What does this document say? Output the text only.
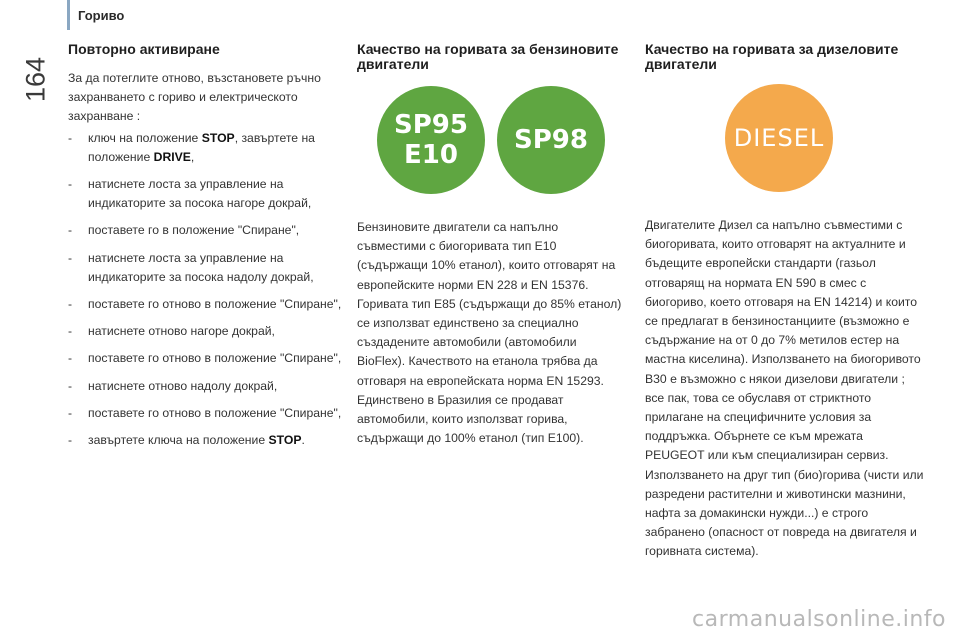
164
Гориво
Повторно активиране

За да потеглите отново, възстановете ръчно захранването с гориво и електрическото захранване :

- ключ на положение STOP, завъртете на положение DRIVE,
- натиснете лоста за управление на индикаторите за посока нагоре докрай,
- поставете го в положение "Спиране",
- натиснете лоста за управление на индикаторите за посока надолу докрай,
- поставете го отново в положение "Спиране",
- натиснете отново нагоре докрай,
- поставете го отново в положение "Спиране",
- натиснете отново надолу докрай,
- поставете го отново в положение "Спиране",
- завъртете ключа на положение STOP.
Качество на горивата за бензиновите двигатели
SP95
E10 SP98

Бензиновите двигатели са напълно съвместими с биогоривата тип E10 (съдържащи 10% етанол), които отговарят на европейските норми EN 228 и EN 15376. Горивата тип E85 (съдържащи до 85% етанол) се използват единствено за специално създадените автомобили (автомобили BioFlex). Качеството на етанола трябва да отговаря на европейската норма EN 15293. Единствено в Бразилия се продават автомобили, които използват горива, съдържащи до 100% етанол (тип E100).

Качество на горивата за дизеловите двигатели
DIESEL

Двигателите Дизел са напълно съвместими с биогоривата, които отговарят на актуалните и бъдещите европейски стандарти (газьол отговарящ на нормата EN 590 в смес с биогориво, което отговаря на EN 14214) и които се предлагат в бензиностанциите (възможно е съдържание на от 0 до 7% метилов естер на мастна киселина). Използването на биогоривото B30 е възможно с някои дизелови двигатели ; все пак, това се обуславя от стриктното прилагане на специфичните условия за поддръжка. Обърнете се към мрежата PEUGEOT или към специализиран сервиз. Използването на друг тип (био)горива (чисти или разредени растителни и животински мазнини, нафта за домакински нужди...) е строго забранено (опасност от повреда на двигателя и горивната система).

carmanualsonline.info
